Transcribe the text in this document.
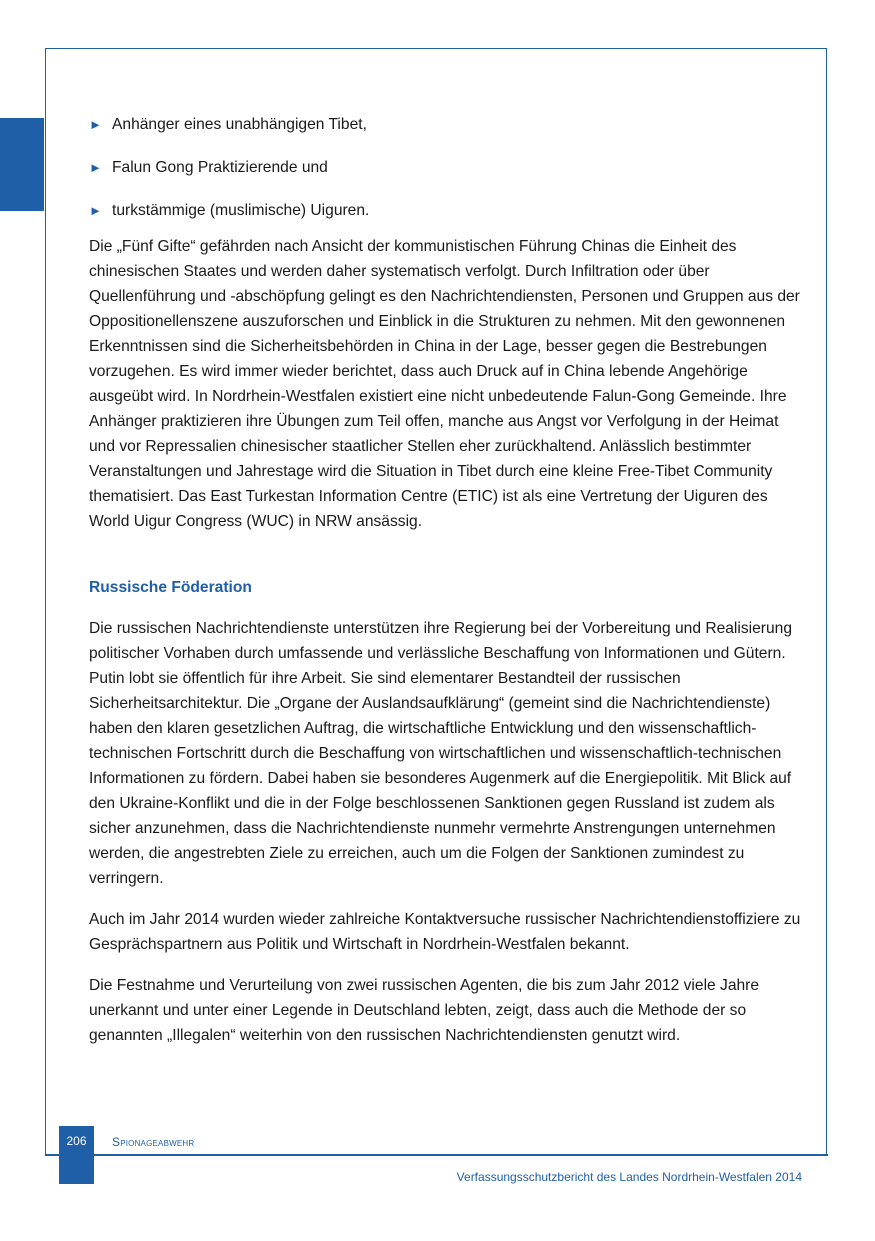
► Anhänger eines unabhängigen Tibet,
► Falun Gong Praktizierende und
► turkstämmige (muslimische) Uiguren.

Die „Fünf Gifte“ gefährden nach Ansicht der kommunistischen Führung Chinas die Einheit des chinesischen Staates und werden daher systematisch verfolgt. Durch Infiltration oder über Quellenführung und -abschöpfung gelingt es den Nachrichtendiensten, Personen und Gruppen aus der Oppositionellenszene auszuforschen und Einblick in die Strukturen zu nehmen. Mit den gewonnenen Erkenntnissen sind die Sicherheitsbehörden in China in der Lage, besser gegen die Bestrebungen vorzugehen. Es wird immer wieder berichtet, dass auch Druck auf in China lebende Angehörige ausgeübt wird. In Nordrhein-Westfalen existiert eine nicht unbedeutende Falun-Gong Gemeinde. Ihre Anhänger praktizieren ihre Übungen zum Teil offen, manche aus Angst vor Verfolgung in der Heimat und vor Repressalien chinesischer staatlicher Stellen eher zurückhaltend. Anlässlich bestimmter Veranstaltungen und Jahrestage wird die Situation in Tibet durch eine kleine Free-Tibet Community thematisiert. Das East Turkestan Information Centre (ETIC) ist als eine Vertretung der Uiguren des World Uigur Congress (WUC) in NRW ansässig.

Russische Föderation

Die russischen Nachrichtendienste unterstützen ihre Regierung bei der Vorbereitung und Realisierung politischer Vorhaben durch umfassende und verlässliche Beschaffung von Informationen und Gütern. Putin lobt sie öffentlich für ihre Arbeit. Sie sind elementarer Bestandteil der russischen Sicherheitsarchitektur. Die „Organe der Auslandsaufklärung“ (gemeint sind die Nachrichtendienste) haben den klaren gesetzlichen Auftrag, die wirtschaftliche Entwicklung und den wissenschaftlich-technischen Fortschritt durch die Beschaffung von wirtschaftlichen und wissenschaftlich-technischen Informationen zu fördern. Dabei haben sie besonderes Augenmerk auf die Energiepolitik. Mit Blick auf den Ukraine-Konflikt und die in der Folge beschlossenen Sanktionen gegen Russland ist zudem als sicher anzunehmen, dass die Nachrichtendienste nunmehr vermehrte Anstrengungen unternehmen werden, die angestrebten Ziele zu erreichen, auch um die Folgen der Sanktionen zumindest zu verringern.

Auch im Jahr 2014 wurden wieder zahlreiche Kontaktversuche russischer Nachrichtendienstoffiziere zu Gesprächspartnern aus Politik und Wirtschaft in Nordrhein-Westfalen bekannt.

Die Festnahme und Verurteilung von zwei russischen Agenten, die bis zum Jahr 2012 viele Jahre unerkannt und unter einer Legende in Deutschland lebten, zeigt, dass auch die Methode der so genannten „Illegalen“ weiterhin von den russischen Nachrichtendiensten genutzt wird.

206	Spionageabwehr
Verfassungsschutzbericht des Landes Nordrhein-Westfalen 2014
